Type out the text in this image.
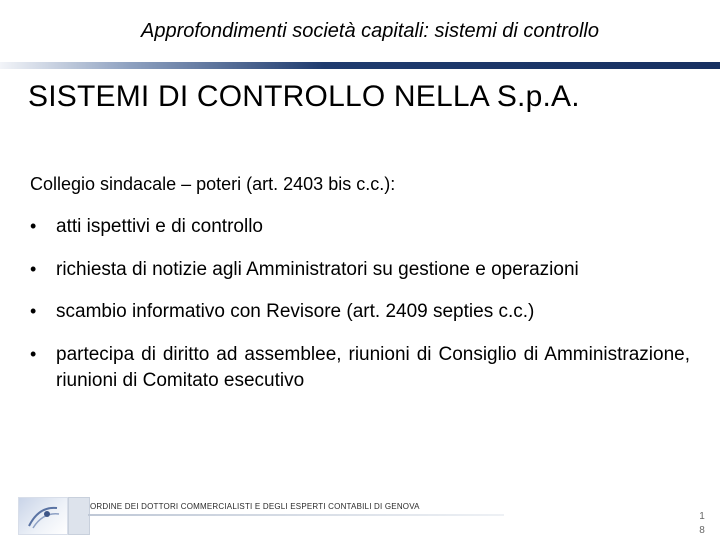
Approfondimenti società capitali: sistemi di controllo
SISTEMI DI CONTROLLO NELLA S.p.A.
Collegio sindacale – poteri (art. 2403 bis c.c.):
• atti ispettivi e di controllo
• richiesta di notizie agli Amministratori su gestione e operazioni
• scambio informativo con Revisore (art. 2409 septies c.c.)
• partecipa di diritto ad assemblee, riunioni di Consiglio di Amministrazione, riunioni di Comitato esecutivo
ORDINE DEI DOTTORI COMMERCIALISTI E DEGLI ESPERTI CONTABILI DI GENOVA
1
8
